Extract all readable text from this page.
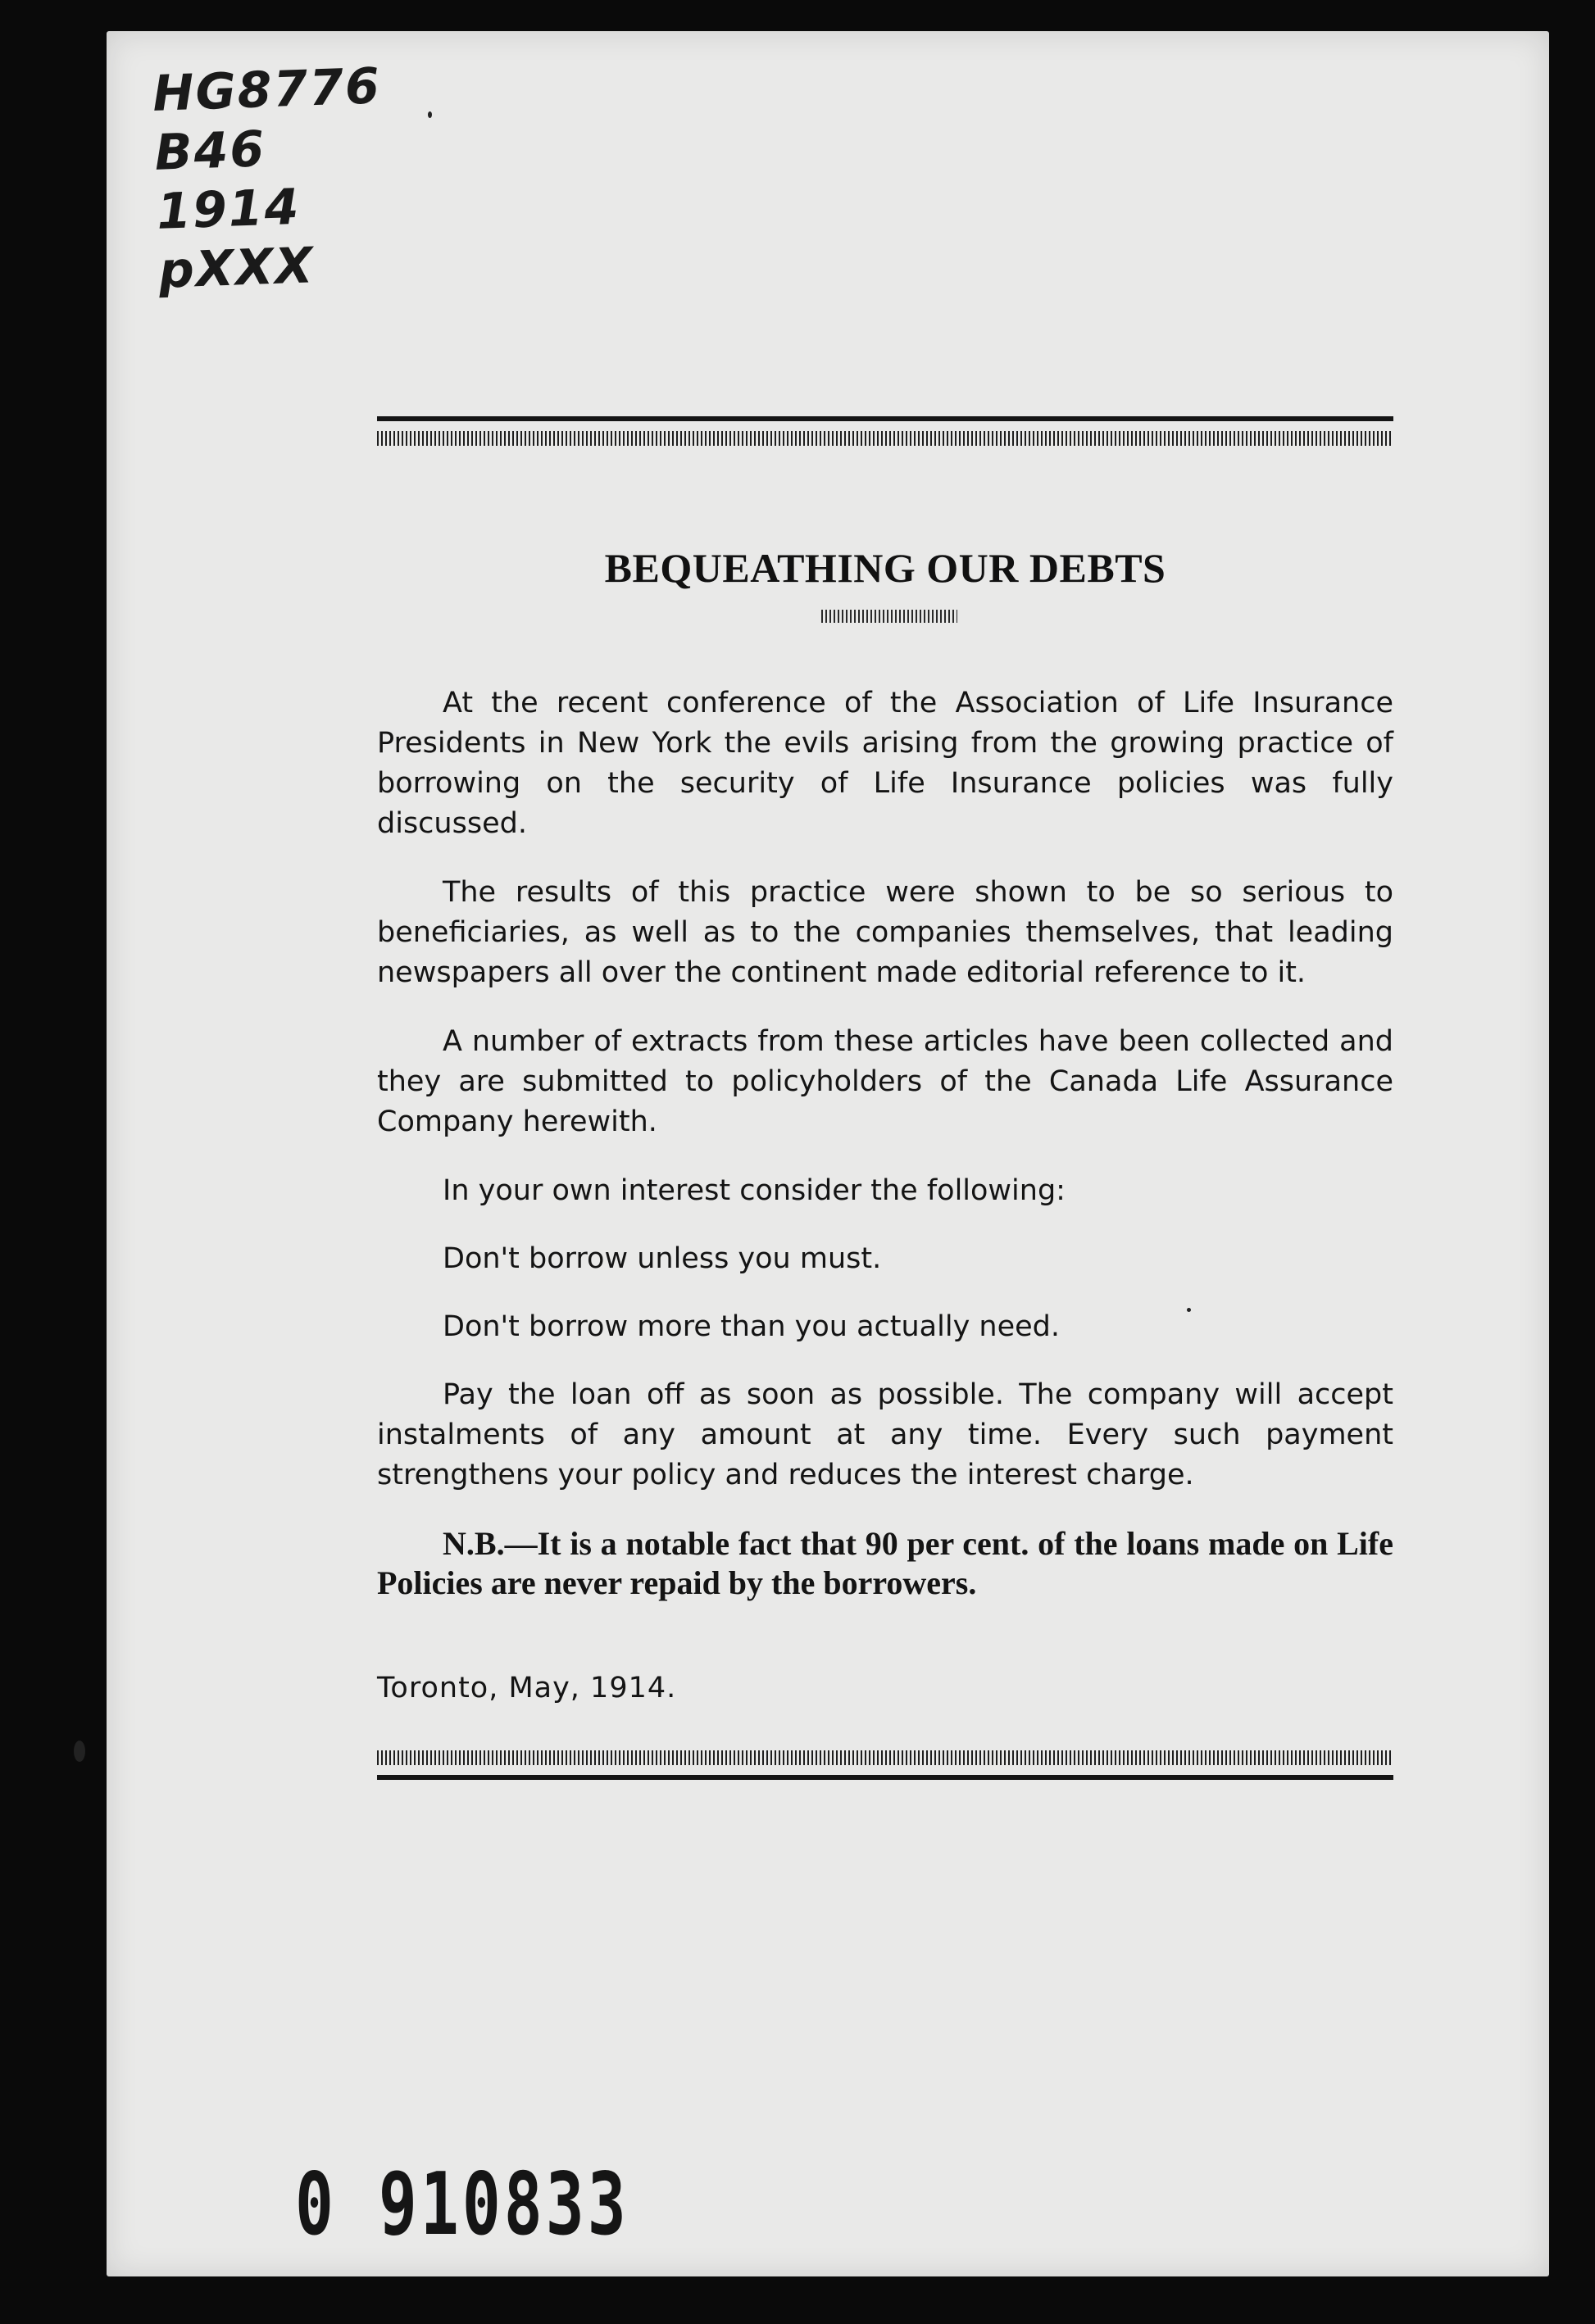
HG8776
B46
1914
pXXX
BEQUEATHING OUR DEBTS

At the recent conference of the Association of Life Insurance Presidents in New York the evils arising from the growing practice of borrowing on the security of Life Insurance policies was fully discussed.

The results of this practice were shown to be so serious to beneficiaries, as well as to the companies themselves, that leading newspapers all over the continent made editorial reference to it.

A number of extracts from these articles have been collected and they are submitted to policyholders of the Canada Life Assurance Company herewith.

In your own interest consider the following:

Don't borrow unless you must.

Don't borrow more than you actually need.

Pay the loan off as soon as possible. The company will accept instalments of any amount at any time. Every such payment strengthens your policy and reduces the interest charge.

N.B.—It is a notable fact that 90 per cent. of the loans made on Life Policies are never repaid by the borrowers.

Toronto, May, 1914.

0 910833
